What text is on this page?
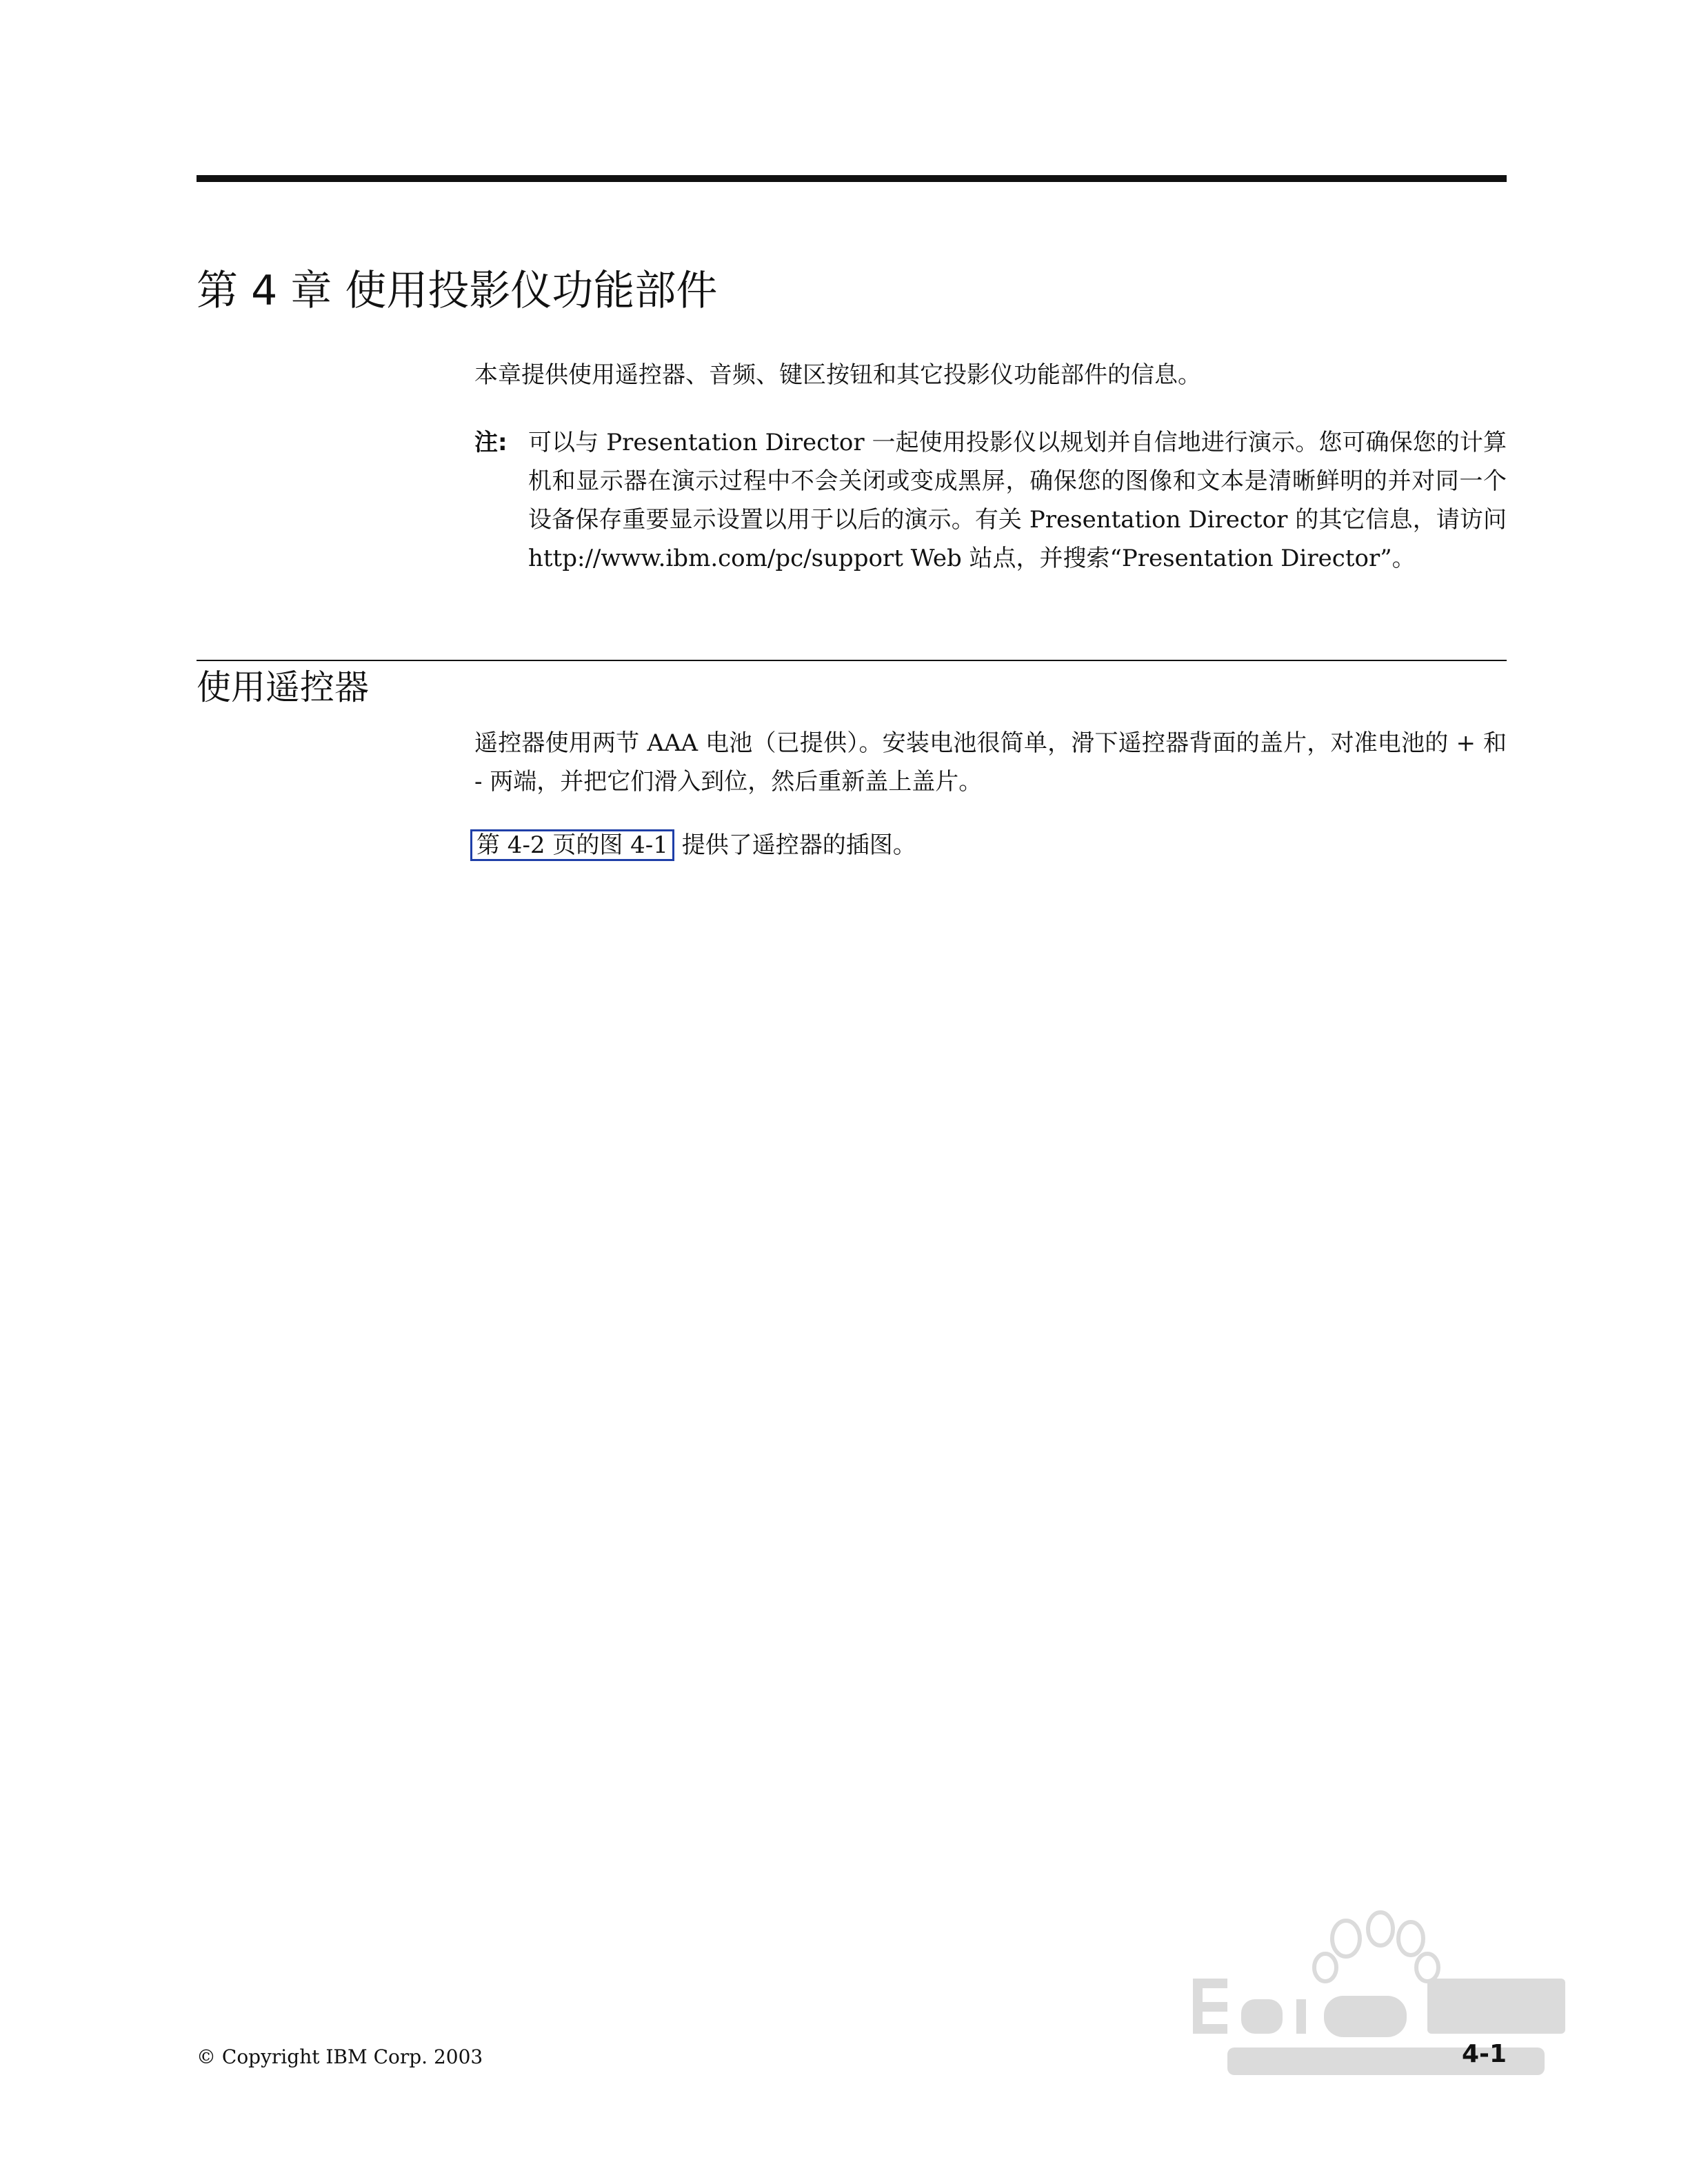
第 4 章 使用投影仪功能部件
本章提供使用遥控器、音频、键区按钮和其它投影仪功能部件的信息。
注: 可以与 Presentation Director 一起使用投影仪以规划并自信地进行演示。您可确保您的计算机和显示器在演示过程中不会关闭或变成黑屏，确保您的图像和文本是清晰鲜明的并对同一个设备保存重要显示设置以用于以后的演示。有关 Presentation Director 的其它信息，请访问 http://www.ibm.com/pc/support Web 站点，并搜索“Presentation Director”。
使用遥控器
遥控器使用两节 AAA 电池（已提供）。安装电池很简单，滑下遥控器背面的盖片，对准电池的 + 和 - 两端，并把它们滑入到位，然后重新盖上盖片。
第 4-2 页的图 4-1 提供了遥控器的插图。
© Copyright IBM Corp. 2003	4-1
